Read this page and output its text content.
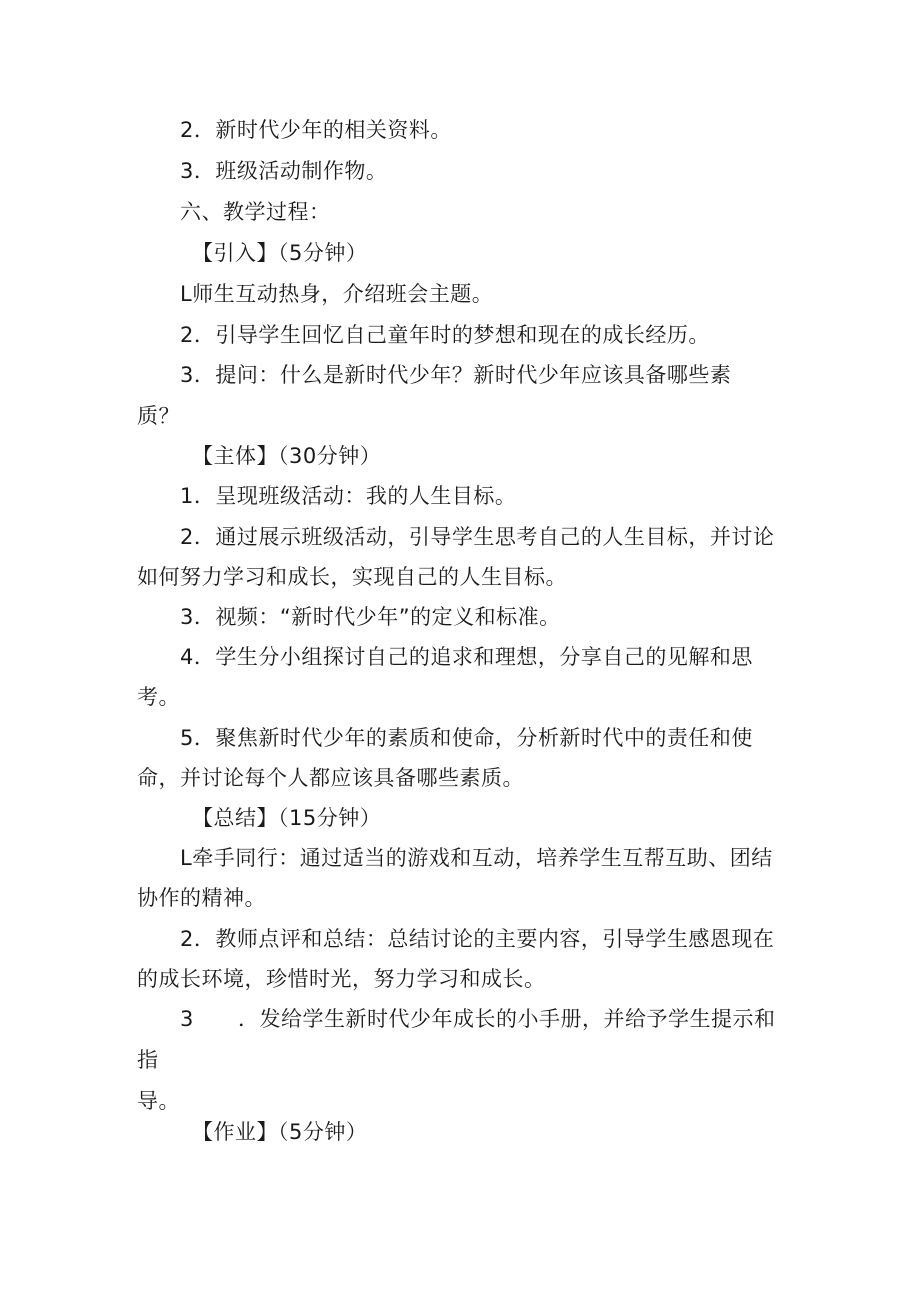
2．新时代少年的相关资料。
3．班级活动制作物。
六、教学过程：
【引入】（5分钟）
L师生互动热身，介绍班会主题。
2．引导学生回忆自己童年时的梦想和现在的成长经历。
3．提问：什么是新时代少年？新时代少年应该具备哪些素
质？
【主体】（30分钟）
1．呈现班级活动：我的人生目标。
2．通过展示班级活动，引导学生思考自己的人生目标，并讨论
如何努力学习和成长，实现自己的人生目标。
3．视频：“新时代少年”的定义和标准。
4．学生分小组探讨自己的追求和理想，分享自己的见解和思
考。
5．聚焦新时代少年的素质和使命，分析新时代中的责任和使
命，并讨论每个人都应该具备哪些素质。
【总结】（15分钟）
L牵手同行：通过适当的游戏和互动，培养学生互帮互助、团结
协作的精神。
2．教师点评和总结：总结讨论的主要内容，引导学生感恩现在
的成长环境，珍惜时光，努力学习和成长。
3 ．发给学生新时代少年成长的小手册，并给予学生提示和
指
导。
【作业】（5分钟）
